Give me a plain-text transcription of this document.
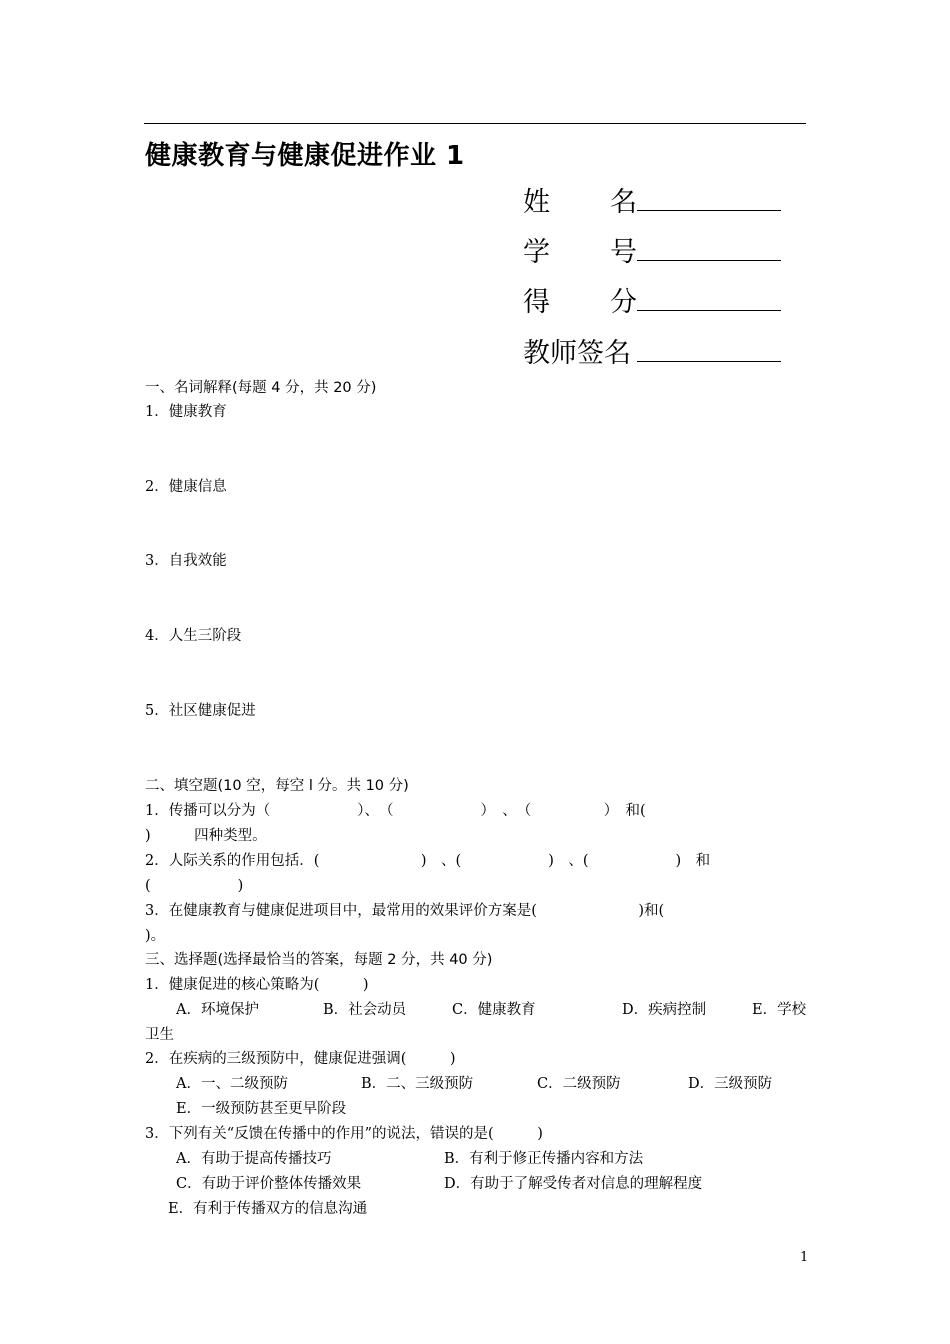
健康教育与健康促进作业 1
姓 名
学 号
得 分
教师签名
一、名词解释(每题 4 分，共 20 分)
1．健康教育
2．健康信息
3．自我效能
4．人生三阶段
5．社区健康促进
二、填空题(10 空，每空 l 分。共 10 分)
1．传播可以分为（　　　　　　）、　（　　　　　　）　、　（　　　　　）　和(
)　　　四种类型。
2．人际关系的作用包括．(　　　　　　　)　、(　　　　　　)　、(　　　　　　)　和
(　　　　　　)
3．在健康教育与健康促进项目中，最常用的效果评价方案是(　　　　　　　)和(
)。
三、选择题(选择最恰当的答案，每题 2 分，共 40 分)
1．健康促进的核心策略为(　　　)
A．环境保护	B．社会动员	C．健康教育	D．疾病控制	E．学校
卫生
2．在疾病的三级预防中，健康促进强调(　　　)
A．一、二级预防	B．二、三级预防	C．二级预防	D．三级预防
E．一级预防甚至更早阶段
3．下列有关“反馈在传播中的作用”的说法，错误的是(　　　)
A．有助于提高传播技巧	B．有利于修正传播内容和方法
C．有助于评价整体传播效果	D．有助于了解受传者对信息的理解程度
E．有利于传播双方的信息沟通
1
